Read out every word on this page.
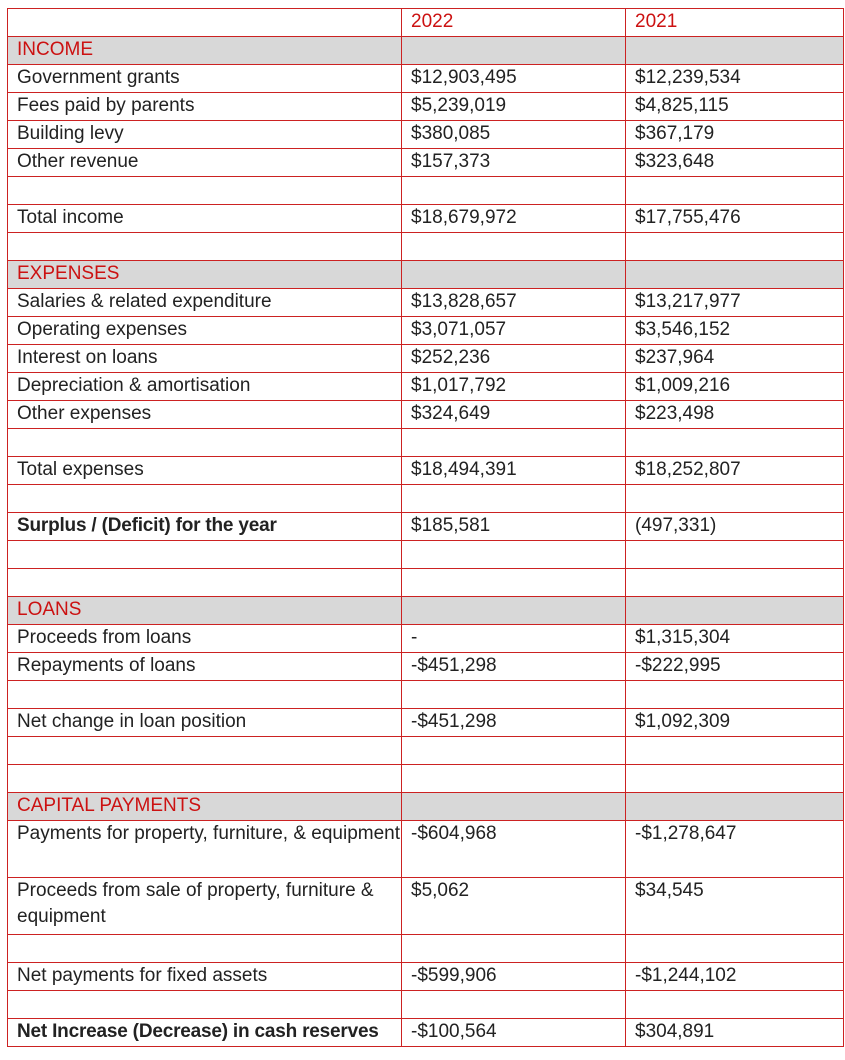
	2022	2021
INCOME		
Government grants	$12,903,495	$12,239,534
Fees paid by parents	$5,239,019	$4,825,115
Building levy	$380,085	$367,179
Other revenue	$157,373	$323,648

Total income	$18,679,972	$17,755,476

EXPENSES		
Salaries & related expenditure	$13,828,657	$13,217,977
Operating expenses	$3,071,057	$3,546,152
Interest on loans	$252,236	$237,964
Depreciation & amortisation	$1,017,792	$1,009,216
Other expenses	$324,649	$223,498

Total expenses	$18,494,391	$18,252,807

Surplus / (Deficit) for the year	$185,581	(497,331)

LOANS		
Proceeds from loans	-	$1,315,304
Repayments of loans	-$451,298	-$222,995

Net change in loan position	-$451,298	$1,092,309

CAPITAL PAYMENTS		
Payments for property, furniture, & equipment	-$604,968	-$1,278,647
Proceeds from sale of property, furniture & equipment	$5,062	$34,545

Net payments for fixed assets	-$599,906	-$1,244,102

Net Increase (Decrease) in cash reserves	-$100,564	$304,891
